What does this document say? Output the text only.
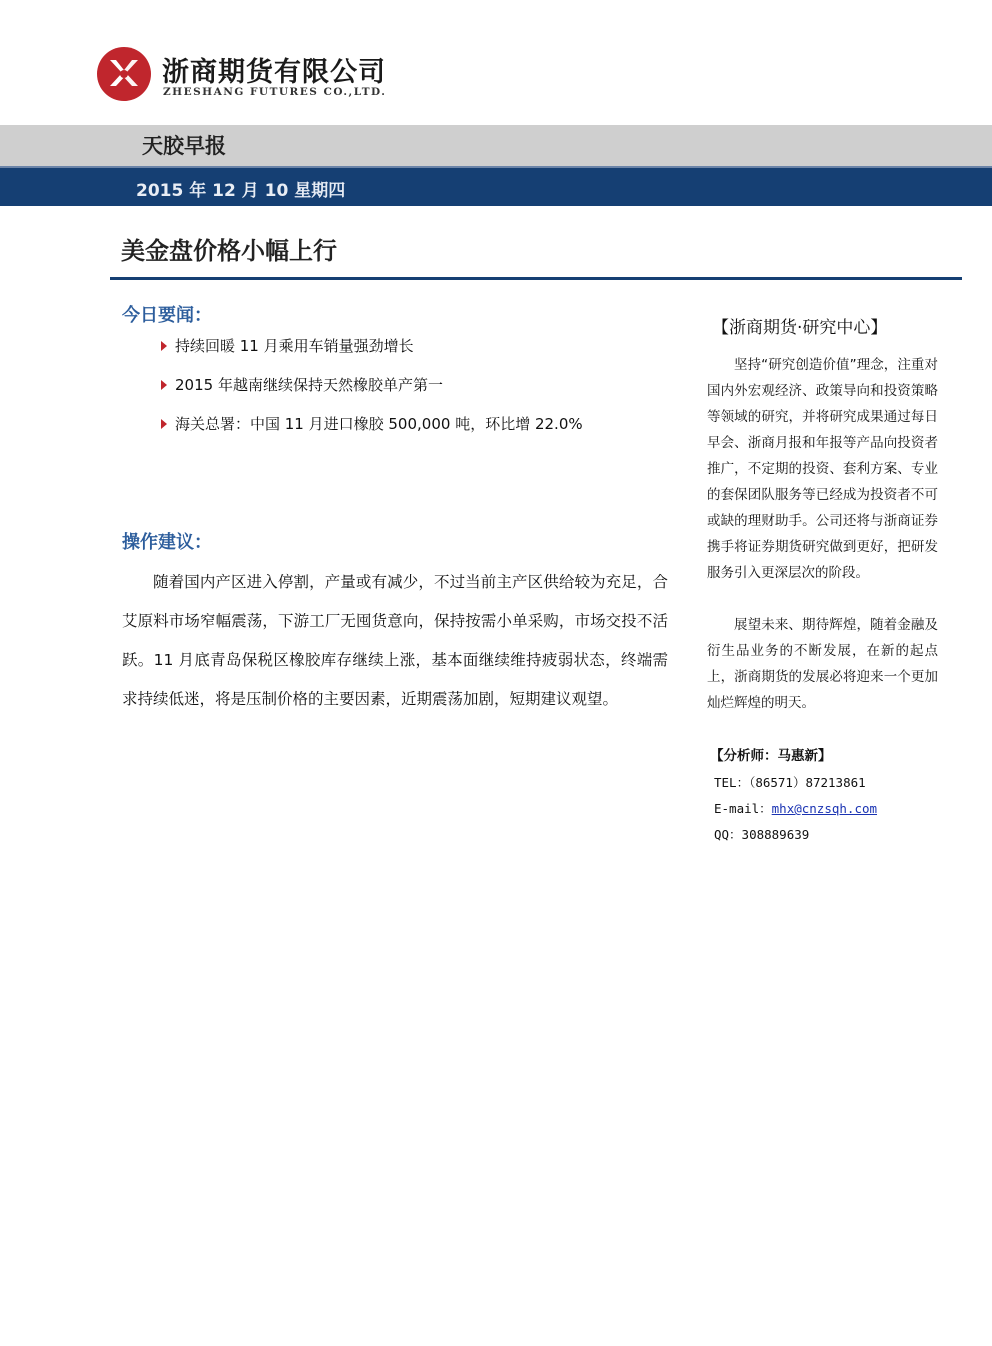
浙商期货有限公司
ZHESHANG FUTURES CO.,LTD.
天胶早报
2015 年 12 月 10 星期四
美金盘价格小幅上行
今日要闻：
持续回暖 11 月乘用车销量强劲增长
2015 年越南继续保持天然橡胶单产第一
海关总署：中国 11 月进口橡胶 500,000 吨，环比增 22.0%
操作建议：

随着国内产区进入停割，产量或有减少，不过当前主产区供给较为充足，合艾原料市场窄幅震荡，下游工厂无囤货意向，保持按需小单采购，市场交投不活跃。11 月底青岛保税区橡胶库存继续上涨，基本面继续维持疲弱状态，终端需求持续低迷，将是压制价格的主要因素，近期震荡加剧，短期建议观望。

【浙商期货·研究中心】

坚持“研究创造价值”理念，注重对国内外宏观经济、政策导向和投资策略等领域的研究，并将研究成果通过每日早会、浙商月报和年报等产品向投资者推广，不定期的投资、套利方案、专业的套保团队服务等已经成为投资者不可或缺的理财助手。公司还将与浙商证券携手将证券期货研究做到更好，把研发服务引入更深层次的阶段。

展望未来、期待辉煌，随着金融及衍生品业务的不断发展，在新的起点上，浙商期货的发展必将迎来一个更加灿烂辉煌的明天。

【分析师：马惠新】
TEL：（86571）87213861
E-mail：mhx@cnzsqh.com
QQ：308889639
